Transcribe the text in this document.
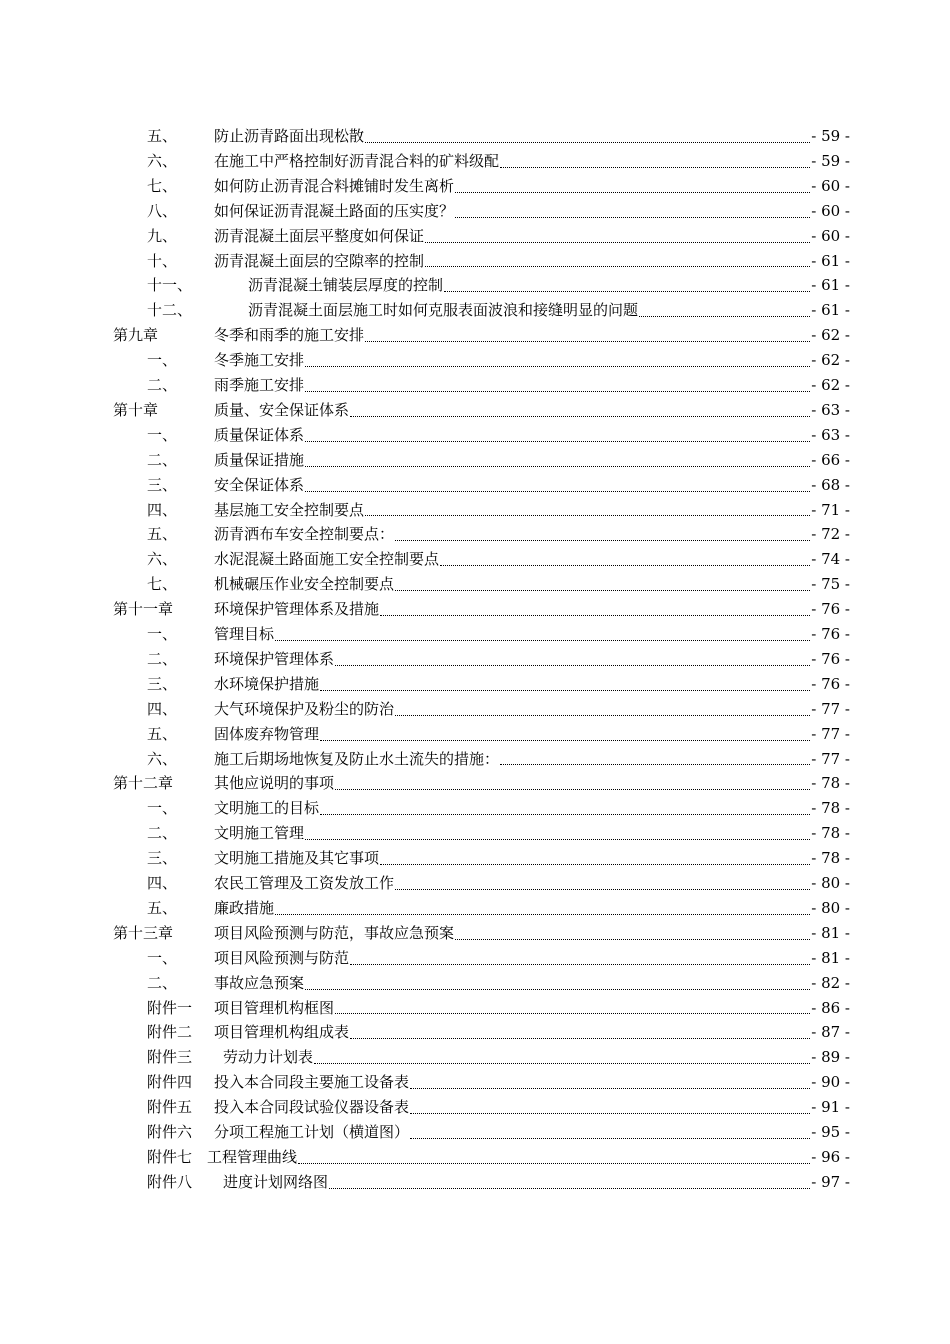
五、 防止沥青路面出现松散	- 59 -
六、 在施工中严格控制好沥青混合料的矿料级配	- 59 -
七、 如何防止沥青混合料摊铺时发生离析	- 60 -
八、 如何保证沥青混凝土路面的压实度？	- 60 -
九、 沥青混凝土面层平整度如何保证	- 60 -
十、 沥青混凝土面层的空隙率的控制	- 61 -
十一、	沥青混凝土铺装层厚度的控制	- 61 -
十二、	沥青混凝土面层施工时如何克服表面波浪和接缝明显的问题	- 61 -
第九章	冬季和雨季的施工安排	- 62 -
一、 冬季施工安排	- 62 -
二、 雨季施工安排	- 62 -
第十章	质量、安全保证体系	- 63 -
一、 质量保证体系	- 63 -
二、 质量保证措施	- 66 -
三、 安全保证体系	- 68 -
四、 基层施工安全控制要点	- 71 -
五、 沥青洒布车安全控制要点：	- 72 -
六、 水泥混凝土路面施工安全控制要点	- 74 -
七、 机械碾压作业安全控制要点	- 75 -
第十一章	环境保护管理体系及措施	- 76 -
一、 管理目标	- 76 -
二、 环境保护管理体系	- 76 -
三、 水环境保护措施	- 76 -
四、 大气环境保护及粉尘的防治	- 77 -
五、 固体废弃物管理	- 77 -
六、 施工后期场地恢复及防止水土流失的措施：	- 77 -
第十二章	其他应说明的事项	- 78 -
一、 文明施工的目标	- 78 -
二、 文明施工管理	- 78 -
三、 文明施工措施及其它事项	- 78 -
四、 农民工管理及工资发放工作	- 80 -
五、 廉政措施	- 80 -
第十三章	项目风险预测与防范，事故应急预案	- 81 -
一、 项目风险预测与防范	- 81 -
二、 事故应急预案	- 82 -
附件一 项目管理机构框图	- 86 -
附件二 项目管理机构组成表	- 87 -
附件三 劳动力计划表	- 89 -
附件四 投入本合同段主要施工设备表	- 90 -
附件五 投入本合同段试验仪器设备表	- 91 -
附件六 分项工程施工计划（横道图）	- 95 -
附件七 工程管理曲线	- 96 -
附件八 进度计划网络图	- 97 -
